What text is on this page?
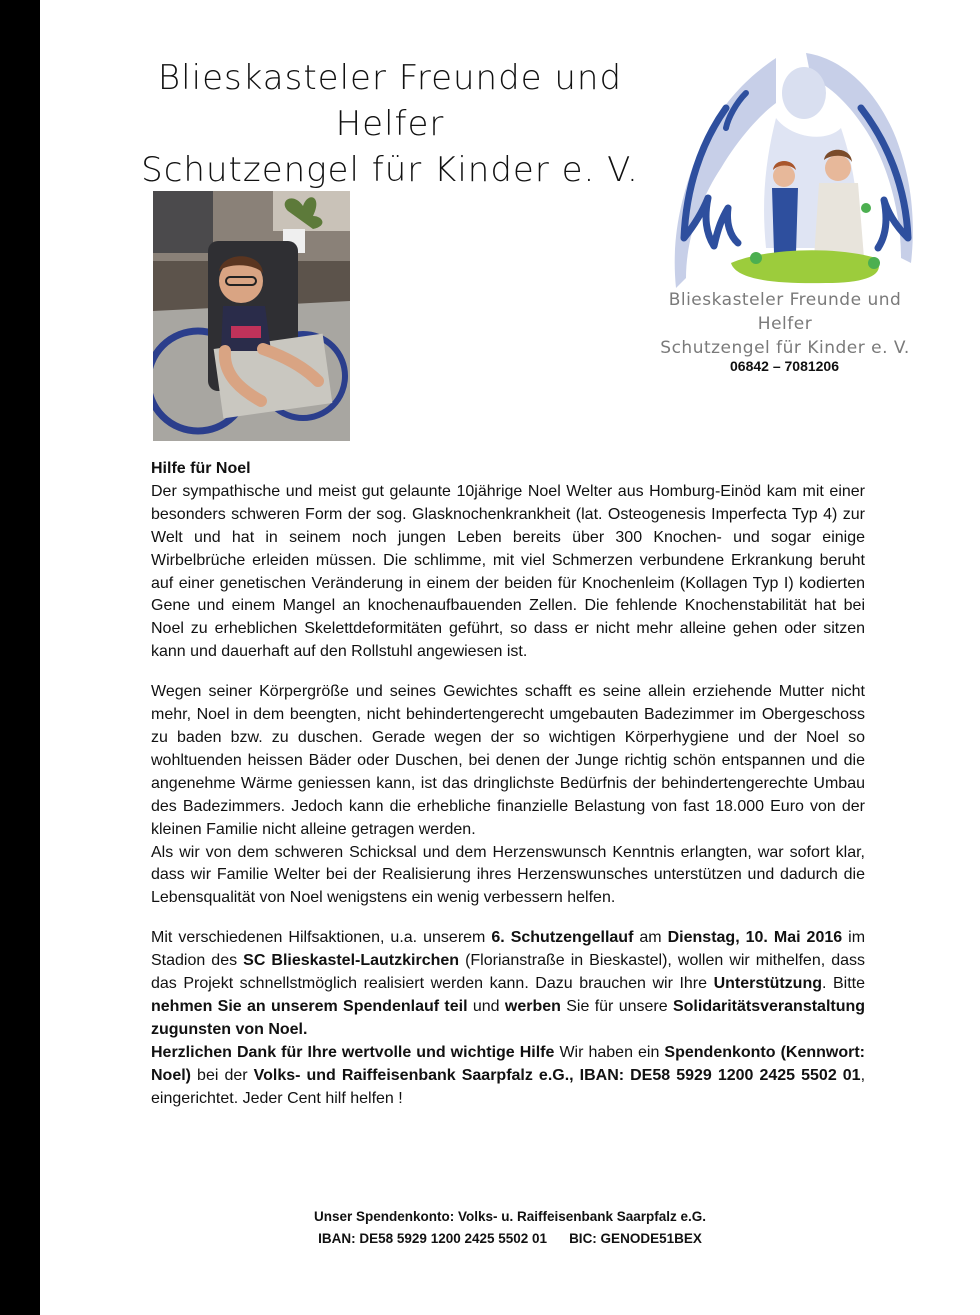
Blieskasteler Freunde und Helfer
Schutzengel für Kinder e. V.
Blieskasteler Freunde und Helfer
Schutzengel für Kinder e. V.
06842 – 7081206

Hilfe für Noel

Der sympathische und meist gut gelaunte 10jährige Noel Welter aus Homburg-Einöd kam mit einer besonders schweren Form der sog. Glasknochenkrankheit (lat. Osteogenesis Imperfecta Typ 4) zur Welt und hat in seinem noch jungen Leben bereits über 300 Knochen- und sogar einige Wirbelbrüche erleiden müssen. Die schlimme, mit viel Schmerzen verbundene Erkrankung beruht auf einer genetischen Veränderung in einem der beiden für Knochenleim (Kollagen Typ I) kodierten Gene und einem Mangel an knochenaufbauenden Zellen. Die fehlende Knochenstabilität hat bei Noel zu erheblichen Skelettdeformitäten geführt, so dass er nicht mehr alleine gehen oder sitzen kann und dauerhaft auf den Rollstuhl angewiesen ist.

Wegen seiner Körpergröße und seines Gewichtes schafft es seine allein erziehende Mutter nicht mehr, Noel in dem beengten, nicht behindertengerecht umgebauten Badezimmer im Obergeschoss zu baden bzw. zu duschen. Gerade wegen der so wichtigen Körperhygiene und der Noel so wohltuenden heissen Bäder oder Duschen, bei denen der Junge richtig schön entspannen und die angenehme Wärme geniessen kann, ist das dringlichste Bedürfnis der behindertengerechte Umbau des Badezimmers. Jedoch kann die erhebliche finanzielle Belastung von fast 18.000 Euro von der kleinen Familie nicht alleine getragen werden.

Als wir von dem schweren Schicksal und dem Herzenswunsch Kenntnis erlangten, war sofort klar, dass wir Familie Welter bei der Realisierung ihres Herzenswunsches unterstützen und dadurch die Lebensqualität von Noel wenigstens ein wenig verbessern helfen.

Mit verschiedenen Hilfsaktionen, u.a. unserem 6. Schutzengellauf am Dienstag, 10. Mai 2016 im Stadion des SC Blieskastel-Lautzkirchen (Florianstraße in Bieskastel), wollen wir mithelfen, dass das Projekt schnellstmöglich realisiert werden kann. Dazu brauchen wir Ihre Unterstützung. Bitte nehmen Sie an unserem Spendenlauf teil und werben Sie für unsere Solidaritätsveranstaltung zugunsten von Noel.

Herzlichen Dank für Ihre wertvolle und wichtige Hilfe Wir haben ein Spendenkonto (Kennwort: Noel) bei der Volks- und Raiffeisenbank Saarpfalz e.G., IBAN: DE58 5929 1200 2425 5502 01, eingerichtet. Jeder Cent hilf helfen !

Unser Spendenkonto: Volks- u. Raiffeisenbank Saarpfalz e.G.
IBAN: DE58 5929 1200 2425 5502 01 BIC: GENODE51BEX
